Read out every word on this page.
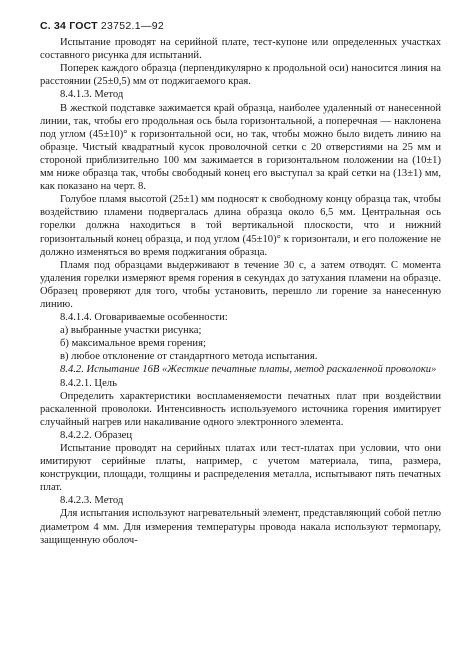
С. 34 ГОСТ 23752.1—92

Испытание проводят на серийной плате, тест-купоне или определенных участках составного рисунка для испытаний.

Поперек каждого образца (перпендикулярно к продольной оси) наносится линия на расстоянии (25±0,5) мм от поджигаемого края.

8.4.1.3. Метод

В жесткой подставке зажимается край образца, наиболее удаленный от нанесенной линии, так, чтобы его продольная ось была горизонтальной, а поперечная — наклонена под углом (45±10)° к горизонтальной оси, но так, чтобы можно было видеть линию на образце. Чистый квадратный кусок проволочной сетки с 20 отверстиями на 25 мм и стороной приблизительно 100 мм зажимается в горизонтальном положении на (10±1) мм ниже образца так, чтобы свободный конец его выступал за край сетки на (13±1) мм, как показано на черт. 8.

Голубое пламя высотой (25±1) мм подносят к свободному концу образца так, чтобы воздействию пламени подвергалась длина образца около 6,5 мм. Центральная ось горелки должна находиться в той вертикальной плоскости, что и нижний горизонтальный конец образца, и под углом (45±10)° к горизонтали, и его положение не должно изменяться во время поджигания образца.

Пламя под образцами выдерживают в течение 30 с, а затем отводят. С момента удаления горелки измеряют время горения в секундах до затухания пламени на образце. Образец проверяют для того, чтобы установить, перешло ли горение за нанесенную линию.

8.4.1.4. Оговариваемые особенности:

а) выбранные участки рисунка;

б) максимальное время горения;

в) любое отклонение от стандартного метода испытания.

8.4.2. Испытание 16В «Жесткие печатные платы, метод раскаленной проволоки»

8.4.2.1. Цель

Определить характеристики воспламеняемости печатных плат при воздействии раскаленной проволоки. Интенсивность используемого источника горения имитирует случайный нагрев или накаливание одного электронного элемента.

8.4.2.2. Образец

Испытание проводят на серийных платах или тест-платах при условии, что они имитируют серийные платы, например, с учетом материала, типа, размера, конструкции, площади, толщины и распределения металла, испытывают пять печатных плат.

8.4.2.3. Метод

Для испытания используют нагревательный элемент, представляющий собой петлю диаметром 4 мм. Для измерения температуры провода накала используют термопару, защищенную оболоч-
